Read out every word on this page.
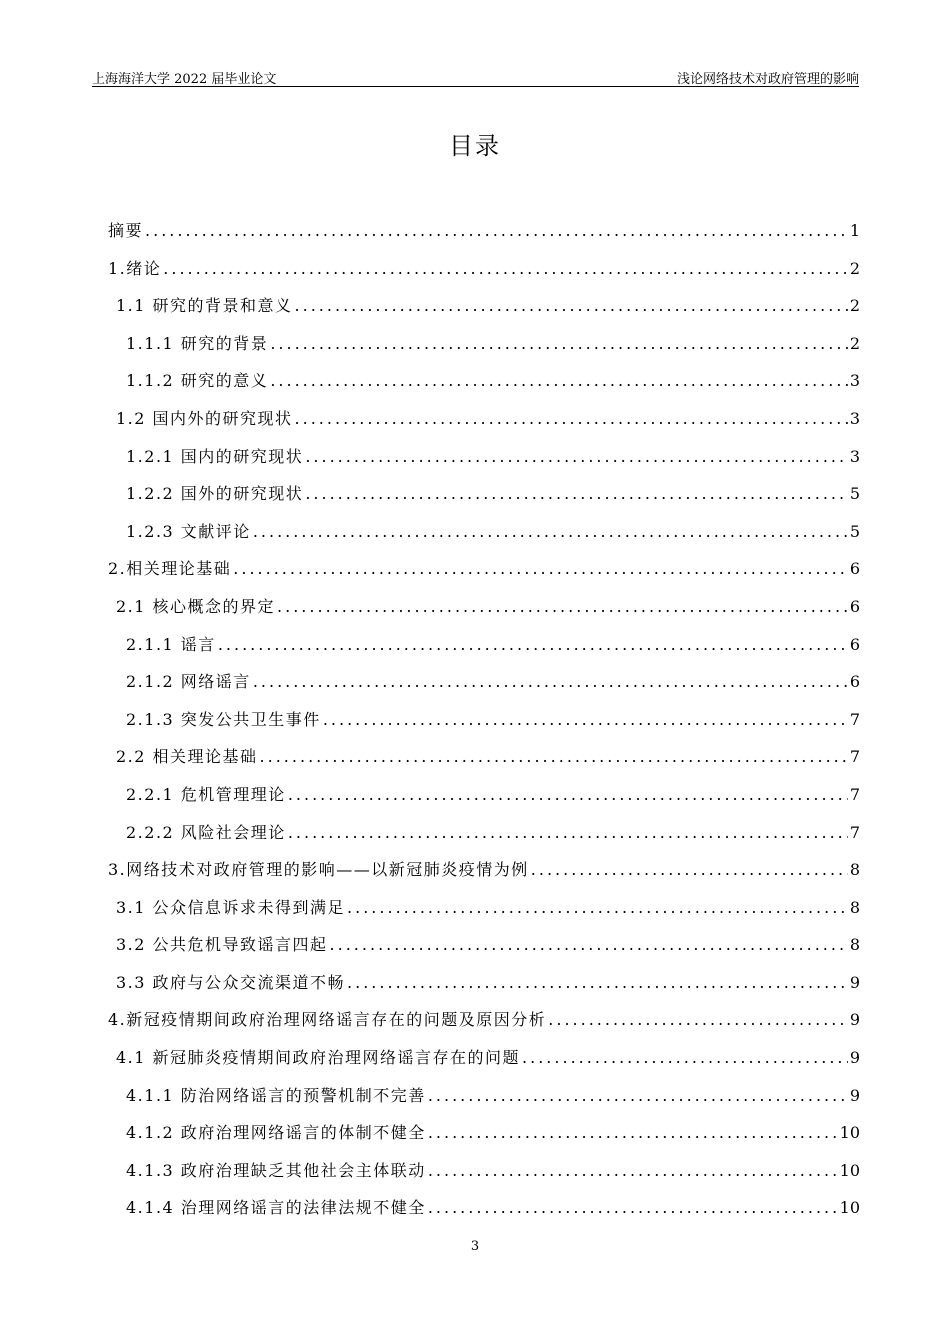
上海海洋大学 2022 届毕业论文	浅论网络技术对政府管理的影响
目录
摘要 .....	1
1.绪论 .....	2
1.1 研究的背景和意义 .....	2
1.1.1 研究的背景 .....	2
1.1.2 研究的意义 .....	3
1.2 国内外的研究现状 .....	3
1.2.1 国内的研究现状 .....	3
1.2.2 国外的研究现状 .....	5
1.2.3 文献评论 .....	5
2.相关理论基础 .....	6
2.1 核心概念的界定 .....	6
2.1.1 谣言 .....	6
2.1.2 网络谣言 .....	6
2.1.3 突发公共卫生事件 .....	7
2.2 相关理论基础 .....	7
2.2.1 危机管理理论 .....	7
2.2.2 风险社会理论 .....	7
3.网络技术对政府管理的影响——以新冠肺炎疫情为例 .....	8
3.1 公众信息诉求未得到满足 .....	8
3.2 公共危机导致谣言四起 .....	8
3.3 政府与公众交流渠道不畅 .....	9
4.新冠疫情期间政府治理网络谣言存在的问题及原因分析 .....	9
4.1 新冠肺炎疫情期间政府治理网络谣言存在的问题 .....	9
4.1.1 防治网络谣言的预警机制不完善 .....	9
4.1.2 政府治理网络谣言的体制不健全 .....	10
4.1.3 政府治理缺乏其他社会主体联动 .....	10
4.1.4 治理网络谣言的法律法规不健全 .....	10
3
